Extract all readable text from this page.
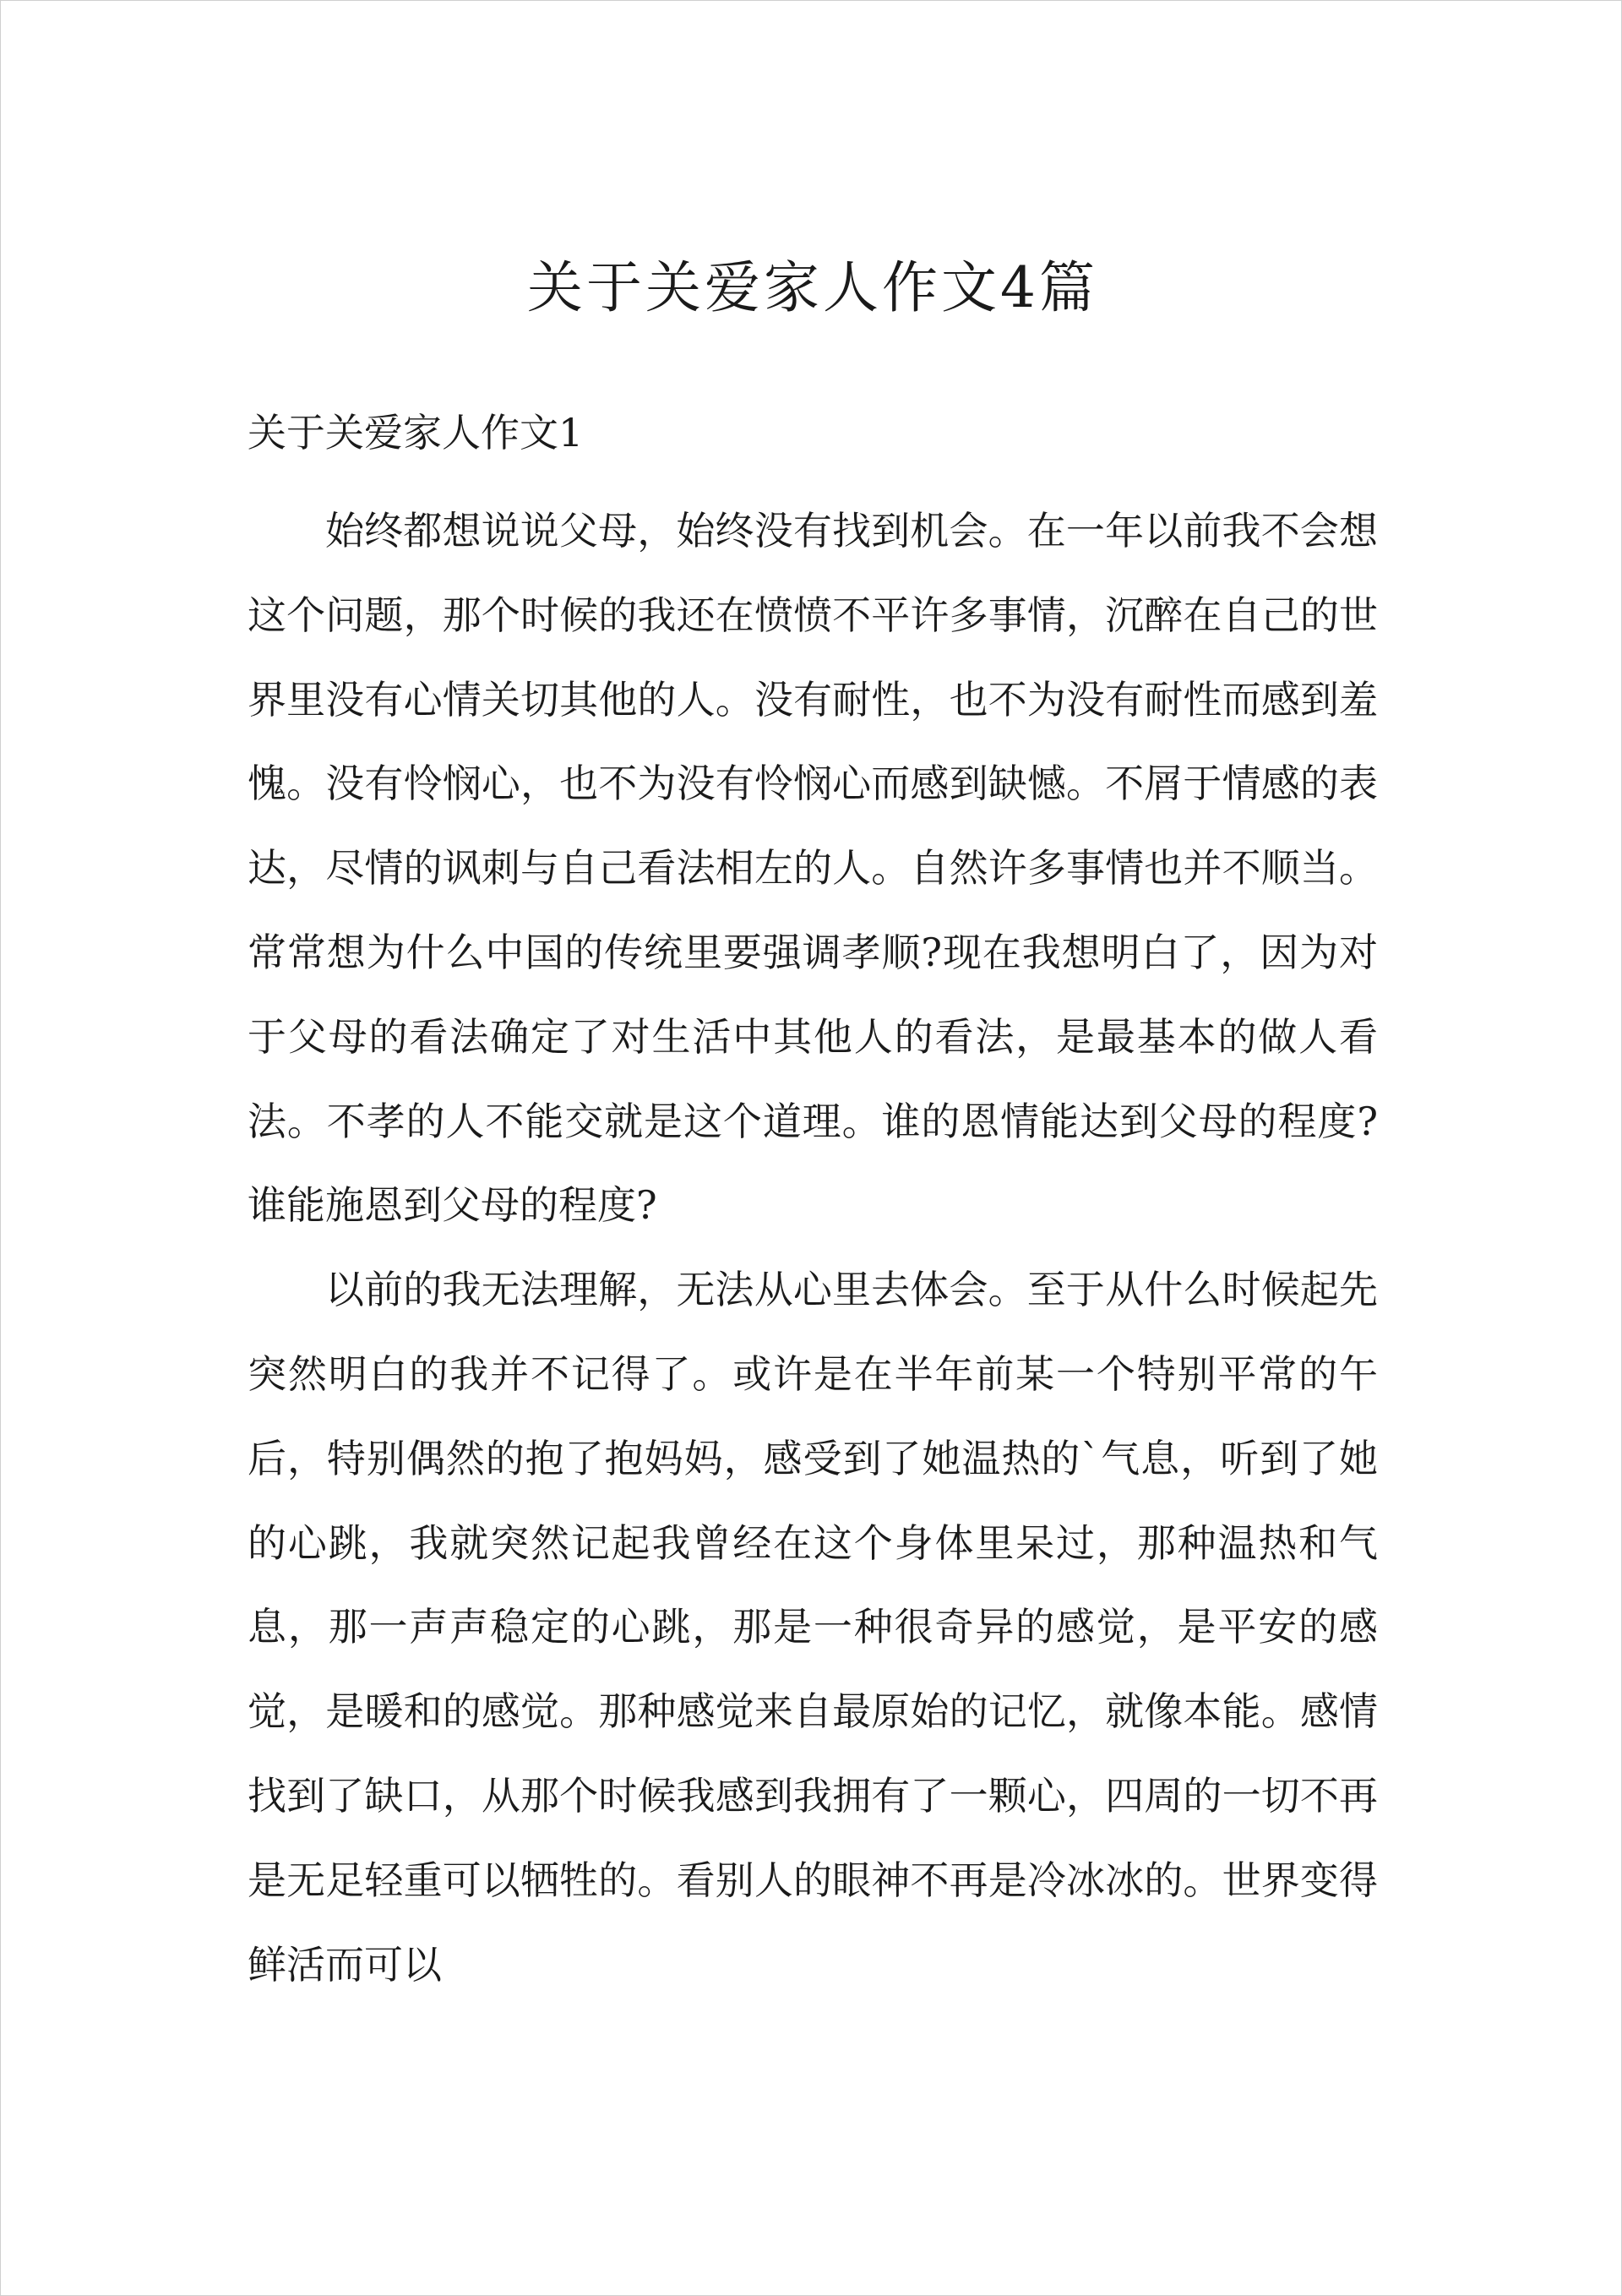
关于关爱家人作文4篇
关于关爱家人作文1

始终都想说说父母，始终没有找到机会。在一年以前我不会想这个问题，那个时候的我还在愤愤不平许多事情，沉醉在自己的世界里没有心情关切其他的人。没有耐性，也不为没有耐性而感到羞愧。没有怜悯心，也不为没有怜悯心而感到缺憾。不屑于情感的表达，尽情的讽刺与自己看法相左的人。自然许多事情也并不顺当。常常想为什么中国的传统里要强调孝顺?现在我想明白了，因为对于父母的看法确定了对生活中其他人的看法，是最基本的做人看法。不孝的人不能交就是这个道理。谁的恩情能达到父母的程度?谁能施恩到父母的程度?

以前的我无法理解，无法从心里去体会。至于从什么时候起先突然明白的我并不记得了。或许是在半年前某一个特别平常的午后，特别偶然的抱了抱妈妈，感受到了她温热的`气息，听到了她的心跳，我就突然记起我曾经在这个身体里呆过，那种温热和气息，那一声声稳定的心跳，那是一种很奇异的感觉，是平安的感觉，是暖和的感觉。那种感觉来自最原始的记忆，就像本能。感情找到了缺口，从那个时候我感到我拥有了一颗心，四周的一切不再是无足轻重可以牺牲的。看别人的眼神不再是冷冰冰的。世界变得鲜活而可以
